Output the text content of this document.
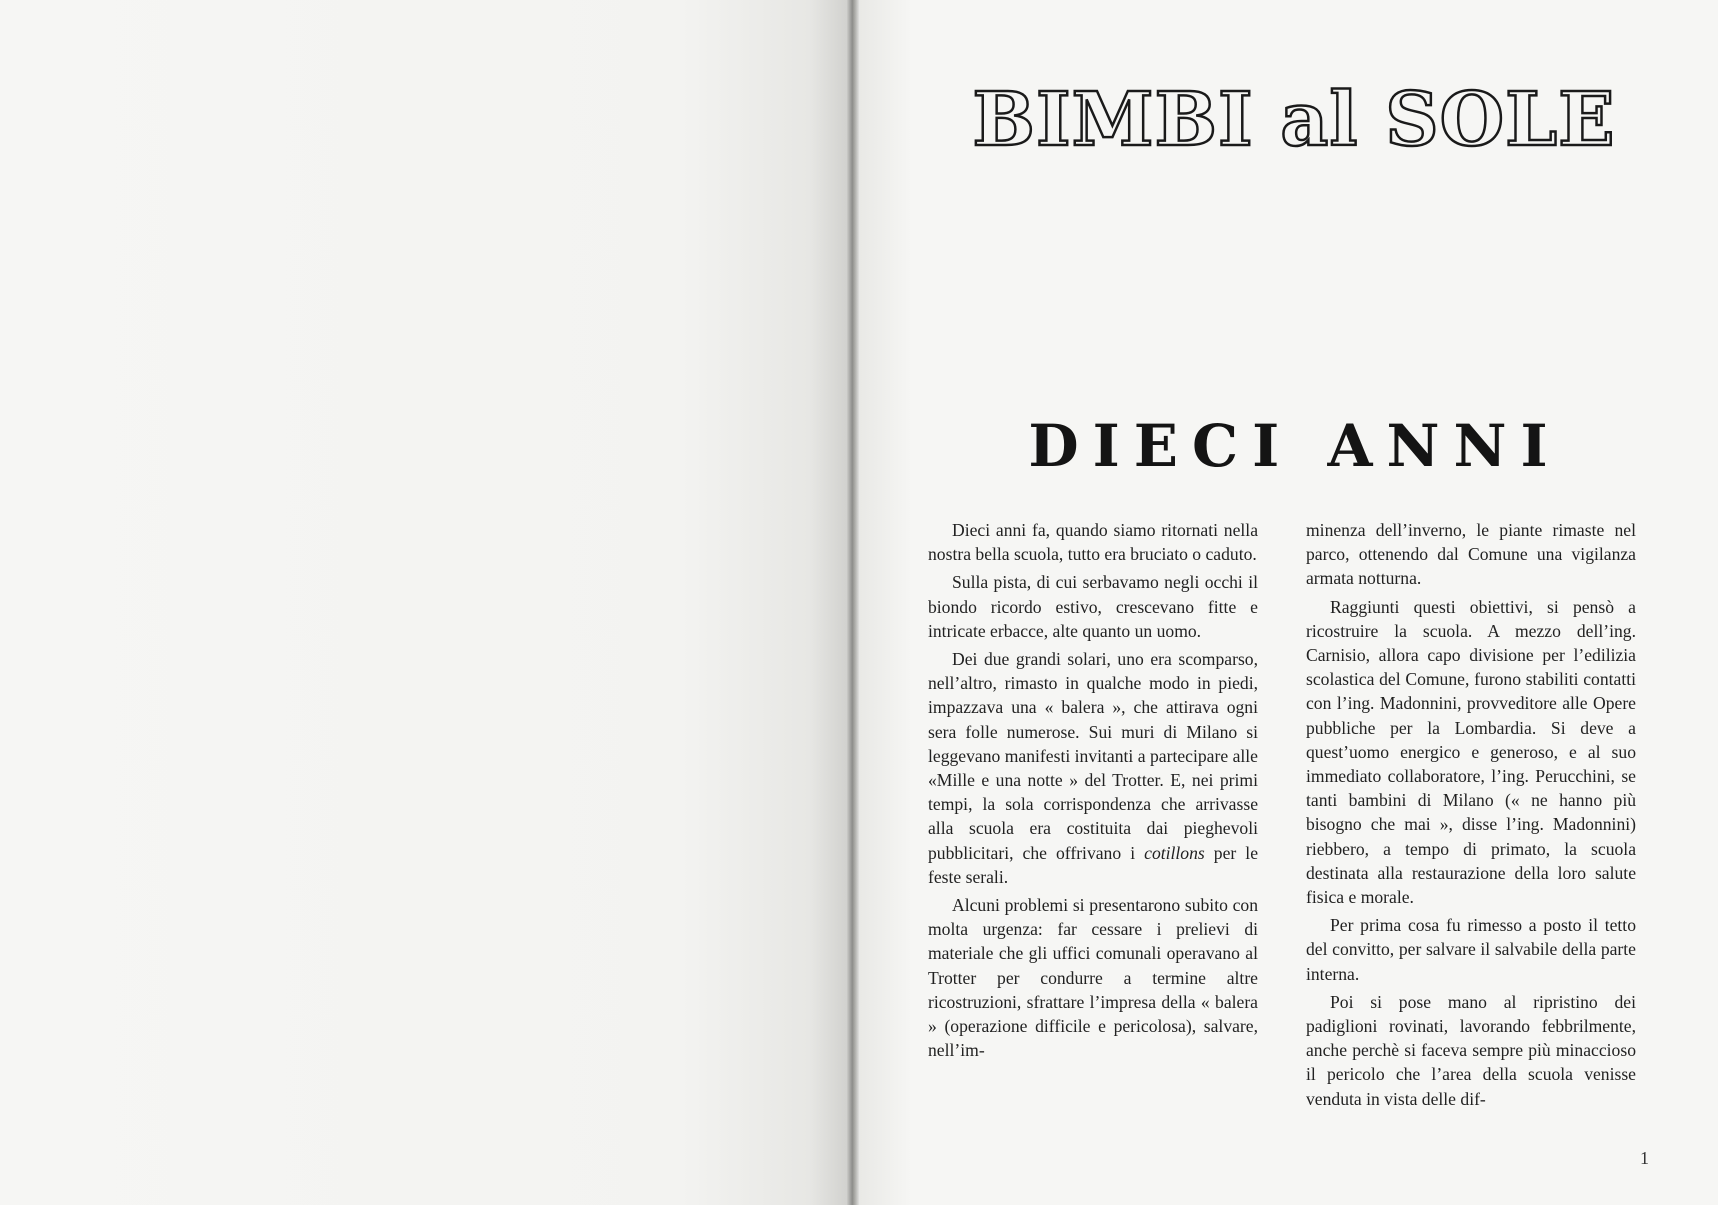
BIMBI al SOLE
DIECI ANNI

Dieci anni fa, quando siamo ritornati nella nostra bella scuola, tutto era bruciato o caduto.

Sulla pista, di cui serbavamo negli occhi il biondo ricordo estivo, crescevano fitte e intricate erbacce, alte quanto un uomo.

Dei due grandi solari, uno era scomparso, nell’altro, rimasto in qualche modo in piedi, impazzava una « balera », che attirava ogni sera folle numerose. Sui muri di Milano si leggevano manifesti invitanti a partecipare alle «Mille e una notte » del Trotter. E, nei primi tempi, la sola corrispondenza che arrivasse alla scuola era costituita dai pieghevoli pubblicitari, che offrivano i cotillons per le feste serali.

Alcuni problemi si presentarono subito con molta urgenza: far cessare i prelievi di materiale che gli uffici comunali operavano al Trotter per condurre a termine altre ricostruzioni, sfrattare l’impresa della « balera » (operazione difficile e pericolosa), salvare, nell’im-

minenza dell’inverno, le piante rimaste nel parco, ottenendo dal Comune una vigilanza armata notturna.

Raggiunti questi obiettivi, si pensò a ricostruire la scuola. A mezzo dell’ing. Carnisio, allora capo divisione per l’edilizia scolastica del Comune, furono stabiliti contatti con l’ing. Madonnini, provveditore alle Opere pubbliche per la Lombardia. Si deve a quest’uomo energico e generoso, e al suo immediato collaboratore, l’ing. Perucchini, se tanti bambini di Milano (« ne hanno più bisogno che mai », disse l’ing. Madonnini) riebbero, a tempo di primato, la scuola destinata alla restaurazione della loro salute fisica e morale.

Per prima cosa fu rimesso a posto il tetto del convitto, per salvare il salvabile della parte interna.

Poi si pose mano al ripristino dei padiglioni rovinati, lavorando febbrilmente, anche perchè si faceva sempre più minaccioso il pericolo che l’area della scuola venisse venduta in vista delle dif-

1
